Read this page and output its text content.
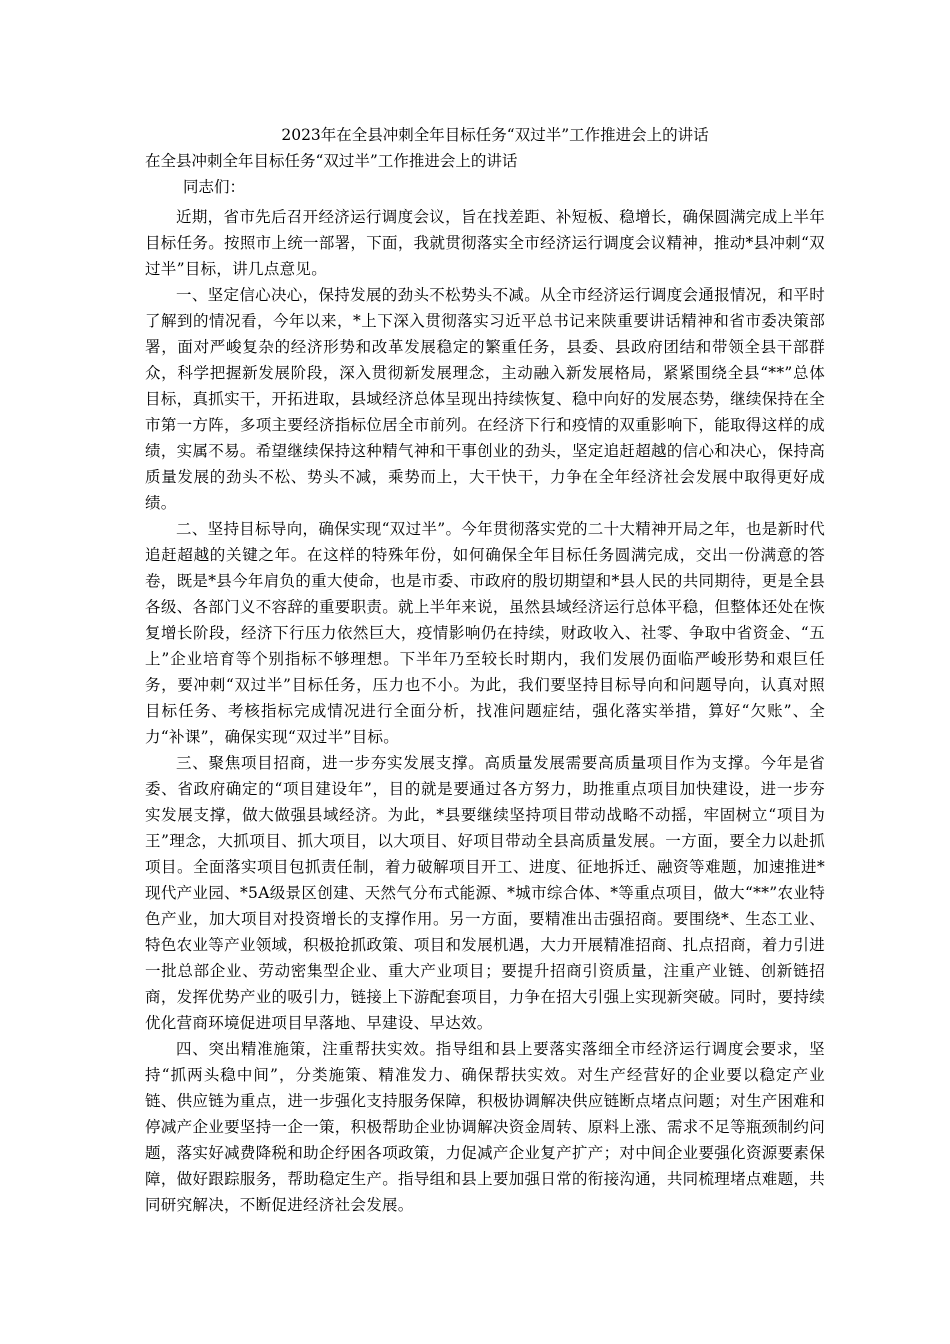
2023年在全县冲刺全年目标任务“双过半”工作推进会上的讲话

在全县冲刺全年目标任务“双过半”工作推进会上的讲话

同志们：

近期，省市先后召开经济运行调度会议，旨在找差距、补短板、稳增长，确保圆满完成上半年目标任务。按照市上统一部署，下面，我就贯彻落实全市经济运行调度会议精神，推动*县冲刺“双过半”目标，讲几点意见。

一、坚定信心决心，保持发展的劲头不松势头不减。从全市经济运行调度会通报情况，和平时了解到的情况看，今年以来，*上下深入贯彻落实习近平总书记来陕重要讲话精神和省市委决策部署，面对严峻复杂的经济形势和改革发展稳定的繁重任务，县委、县政府团结和带领全县干部群众，科学把握新发展阶段，深入贯彻新发展理念，主动融入新发展格局，紧紧围绕全县“**”总体目标，真抓实干，开拓进取，县域经济总体呈现出持续恢复、稳中向好的发展态势，继续保持在全市第一方阵，多项主要经济指标位居全市前列。在经济下行和疫情的双重影响下，能取得这样的成绩，实属不易。希望继续保持这种精气神和干事创业的劲头，坚定追赶超越的信心和决心，保持高质量发展的劲头不松、势头不减，乘势而上，大干快干，力争在全年经济社会发展中取得更好成绩。

二、坚持目标导向，确保实现“双过半”。今年贯彻落实党的二十大精神开局之年，也是新时代追赶超越的关键之年。在这样的特殊年份，如何确保全年目标任务圆满完成，交出一份满意的答卷，既是*县今年肩负的重大使命，也是市委、市政府的殷切期望和*县人民的共同期待，更是全县各级、各部门义不容辞的重要职责。就上半年来说，虽然县域经济运行总体平稳，但整体还处在恢复增长阶段，经济下行压力依然巨大，疫情影响仍在持续，财政收入、社零、争取中省资金、“五上”企业培育等个别指标不够理想。下半年乃至较长时期内，我们发展仍面临严峻形势和艰巨任务，要冲刺“双过半”目标任务，压力也不小。为此，我们要坚持目标导向和问题导向，认真对照目标任务、考核指标完成情况进行全面分析，找准问题症结，强化落实举措，算好“欠账”、全力“补课”，确保实现“双过半”目标。

三、聚焦项目招商，进一步夯实发展支撑。高质量发展需要高质量项目作为支撑。今年是省委、省政府确定的“项目建设年”，目的就是要通过各方努力，助推重点项目加快建设，进一步夯实发展支撑，做大做强县域经济。为此，*县要继续坚持项目带动战略不动摇，牢固树立“项目为王”理念，大抓项目、抓大项目，以大项目、好项目带动全县高质量发展。一方面，要全力以赴抓项目。全面落实项目包抓责任制，着力破解项目开工、进度、征地拆迁、融资等难题，加速推进*现代产业园、*5A级景区创建、天然气分布式能源、*城市综合体、*等重点项目，做大“**”农业特色产业，加大项目对投资增长的支撑作用。另一方面，要精准出击强招商。要围绕*、生态工业、特色农业等产业领域，积极抢抓政策、项目和发展机遇，大力开展精准招商、扎点招商，着力引进一批总部企业、劳动密集型企业、重大产业项目；要提升招商引资质量，注重产业链、创新链招商，发挥优势产业的吸引力，链接上下游配套项目，力争在招大引强上实现新突破。同时，要持续优化营商环境促进项目早落地、早建设、早达效。

四、突出精准施策，注重帮扶实效。指导组和县上要落实落细全市经济运行调度会要求，坚持“抓两头稳中间”，分类施策、精准发力、确保帮扶实效。对生产经营好的企业要以稳定产业链、供应链为重点，进一步强化支持服务保障，积极协调解决供应链断点堵点问题；对生产困难和停减产企业要坚持一企一策，积极帮助企业协调解决资金周转、原料上涨、需求不足等瓶颈制约问题，落实好减费降税和助企纾困各项政策，力促减产企业复产扩产；对中间企业要强化资源要素保障，做好跟踪服务，帮助稳定生产。指导组和县上要加强日常的衔接沟通，共同梳理堵点难题，共同研究解决，不断促进经济社会发展。
